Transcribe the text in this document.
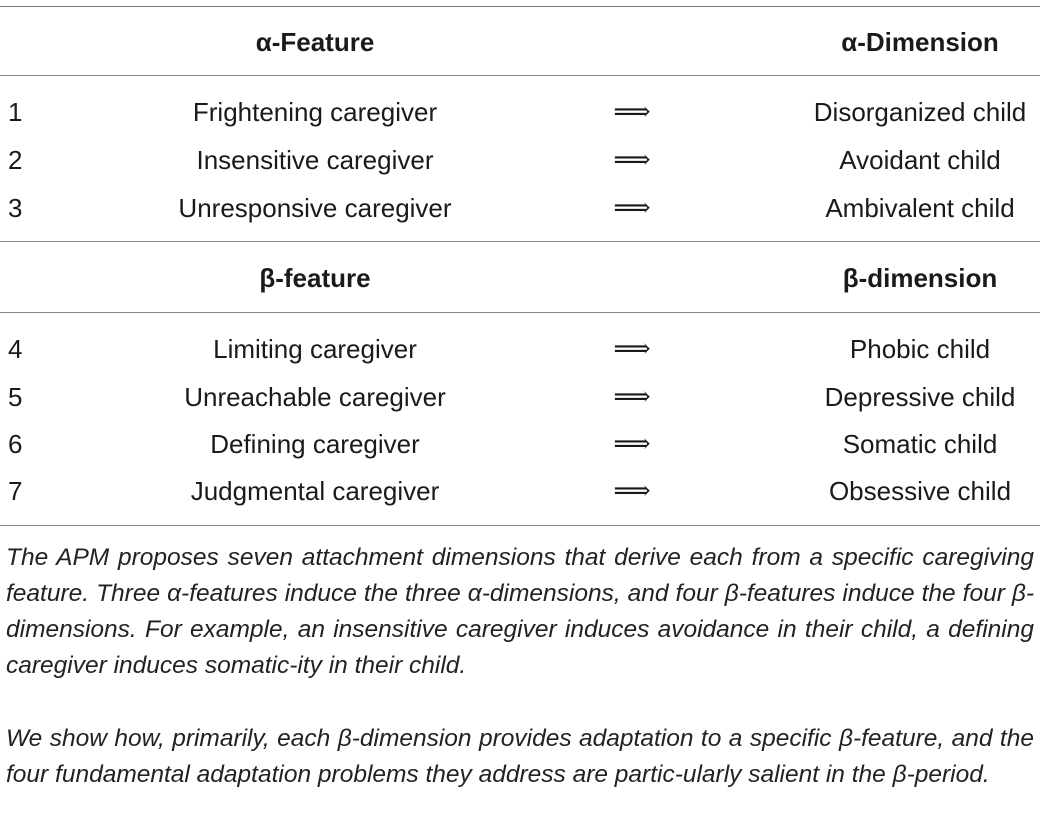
α-Feature	α-Dimension
1	Frightening caregiver	⟹	Disorganized child
2	Insensitive caregiver	⟹	Avoidant child
3	Unresponsive caregiver	⟹	Ambivalent child
β-feature	β-dimension
4	Limiting caregiver	⟹	Phobic child
5	Unreachable caregiver	⟹	Depressive child
6	Defining caregiver	⟹	Somatic child
7	Judgmental caregiver	⟹	Obsessive child
The APM proposes seven attachment dimensions that derive each from a specific caregiving feature. Three α-features induce the three α-dimensions, and four β-features induce the four β-dimensions. For example, an insensitive caregiver induces avoidance in their child, a defining caregiver induces somatic-ity in their child.
We show how, primarily, each β-dimension provides adaptation to a specific β-feature, and the four fundamental adaptation problems they address are partic-ularly salient in the β-period.
